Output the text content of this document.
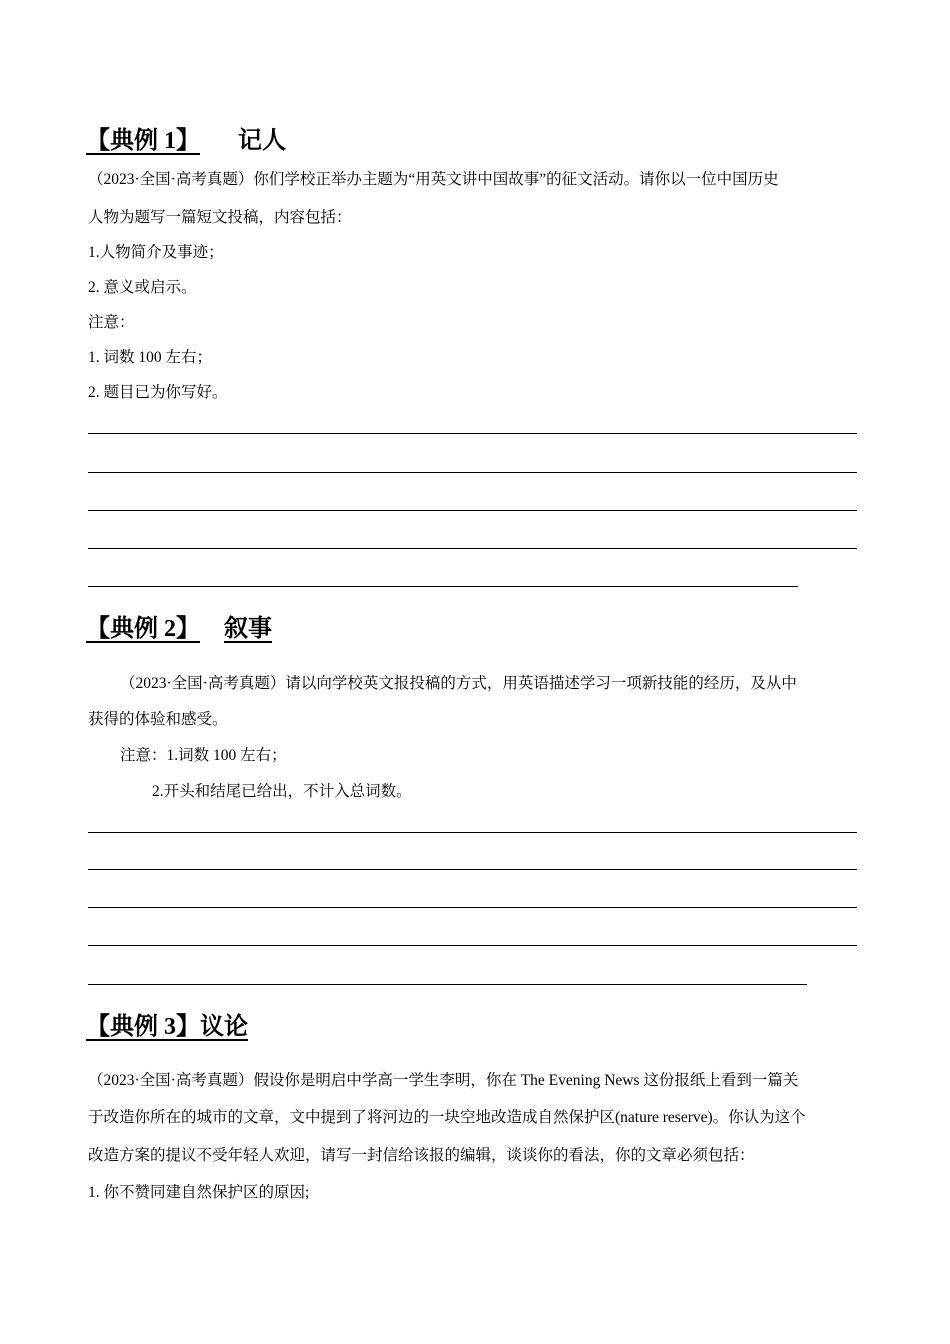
【典例 1】 记人
（2023·全国·高考真题）你们学校正举办主题为“用英文讲中国故事”的征文活动。请你以一位中国历史
人物为题写一篇短文投稿，内容包括：
1.人物简介及事迹；
2. 意义或启示。
注意：
1. 词数 100 左右；
2. 题目已为你写好。
【典例 2】 叙事
（2023·全国·高考真题）请以向学校英文报投稿的方式，用英语描述学习一项新技能的经历，及从中
获得的体验和感受。
注意：1.词数 100 左右；
2.开头和结尾已给出，不计入总词数。
【典例 3】议论
（2023·全国·高考真题）假设你是明启中学高一学生李明，你在 The Evening News 这份报纸上看到一篇关
于改造你所在的城市的文章，文中提到了将河边的一块空地改造成自然保护区(nature reserve)。你认为这个
改造方案的提议不受年轻人欢迎，请写一封信给该报的编辑，谈谈你的看法，你的文章必须包括：
1. 你不赞同建自然保护区的原因;
